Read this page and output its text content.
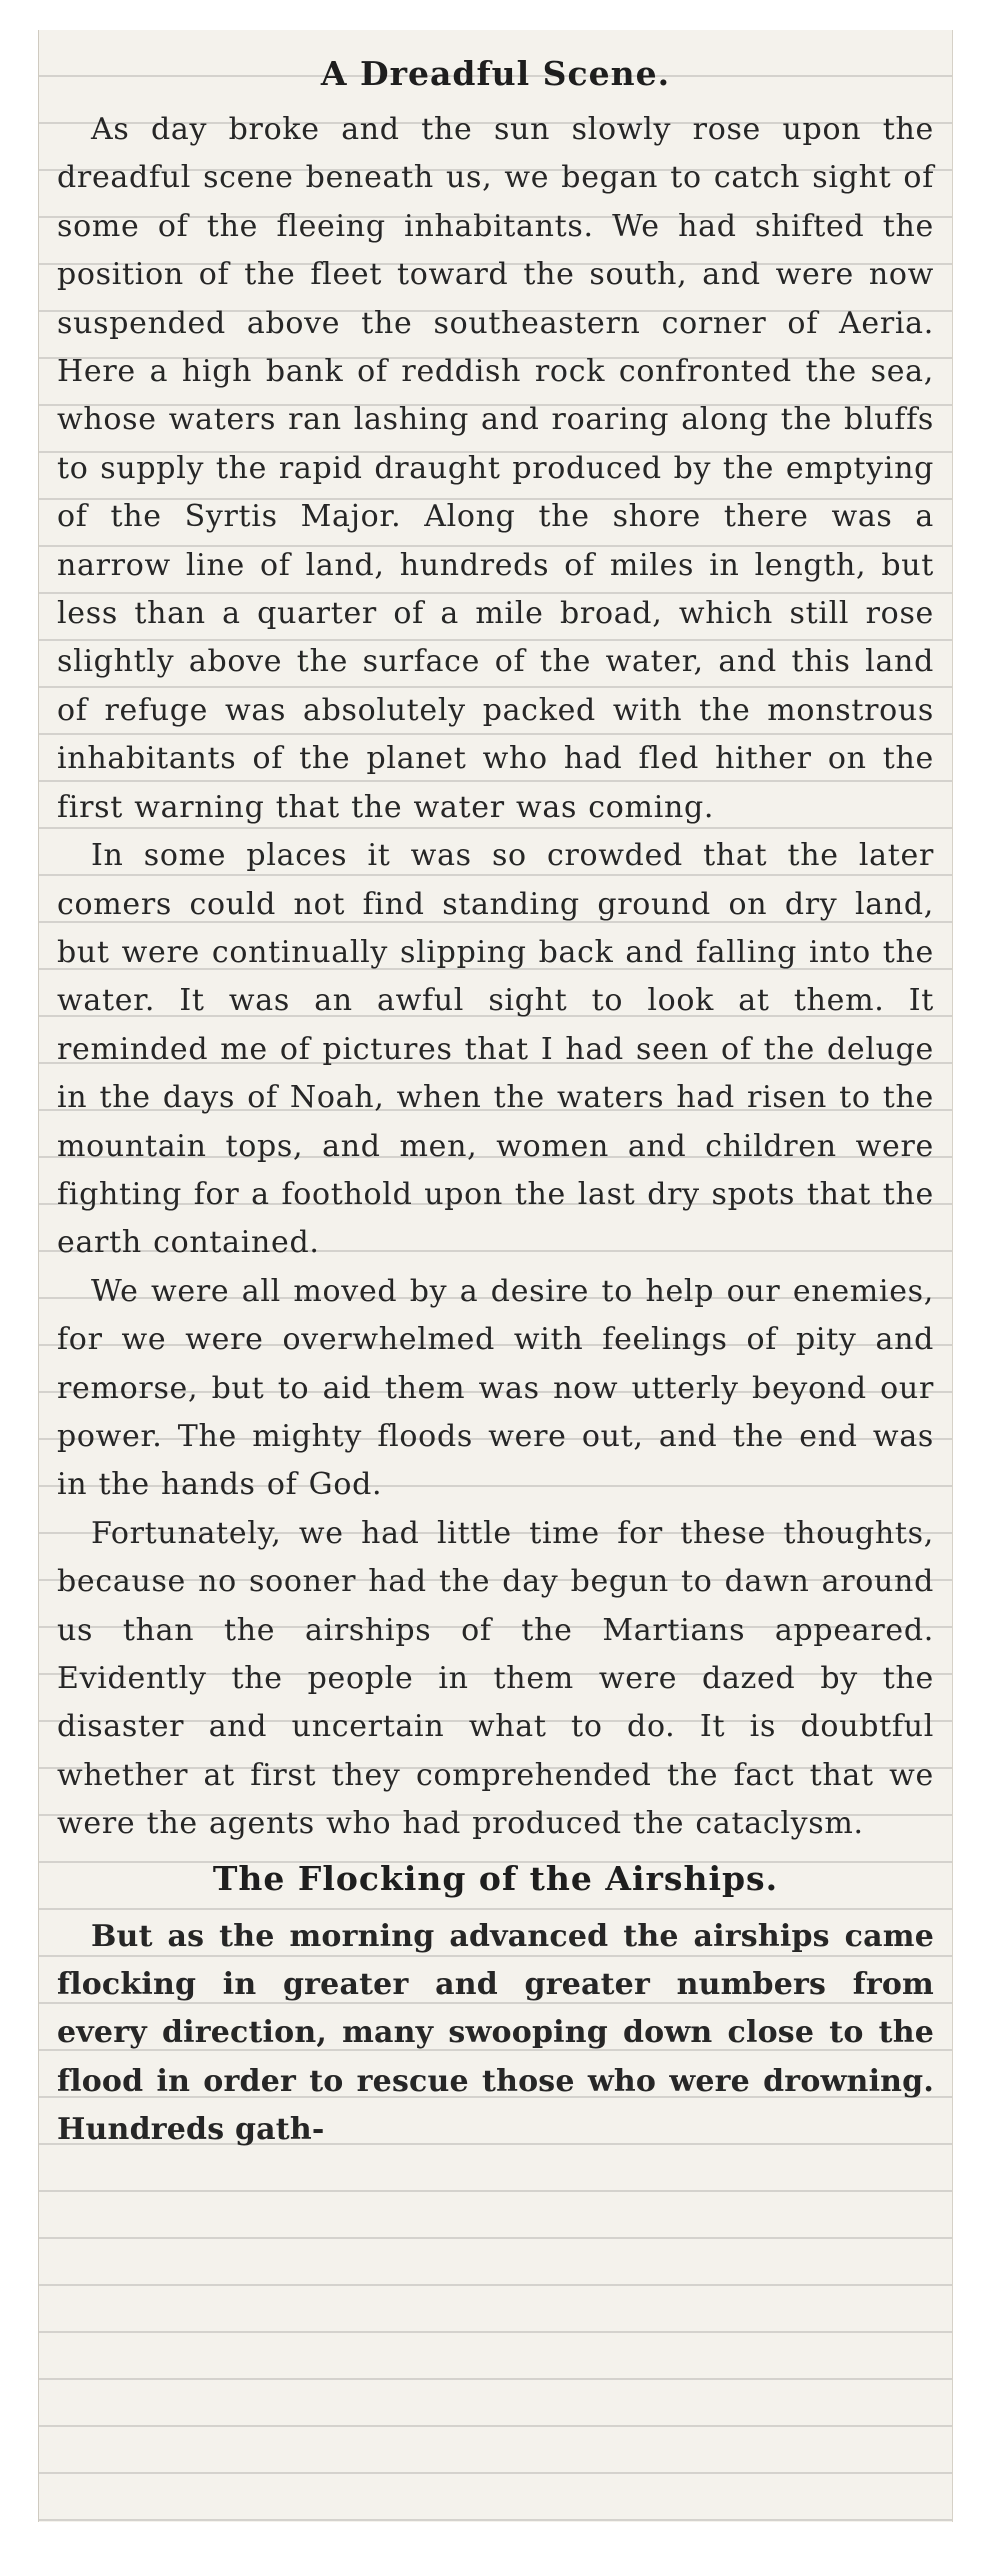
A Dreadful Scene.

As day broke and the sun slowly rose upon the dreadful scene beneath us, we began to catch sight of some of the fleeing inhabitants. We had shifted the position of the fleet toward the south, and were now suspended above the southeastern corner of Aeria. Here a high bank of reddish rock confronted the sea, whose waters ran lashing and roaring along the bluffs to supply the rapid draught produced by the emptying of the Syrtis Major. Along the shore there was a narrow line of land, hundreds of miles in length, but less than a quarter of a mile broad, which still rose slightly above the surface of the water, and this land of refuge was absolutely packed with the monstrous inhabitants of the planet who had fled hither on the first warning that the water was coming.

In some places it was so crowded that the later comers could not find standing ground on dry land, but were continually slipping back and falling into the water. It was an awful sight to look at them. It reminded me of pictures that I had seen of the deluge in the days of Noah, when the waters had risen to the mountain tops, and men, women and children were fighting for a foothold upon the last dry spots that the earth contained.

We were all moved by a desire to help our enemies, for we were overwhelmed with feelings of pity and remorse, but to aid them was now utterly beyond our power. The mighty floods were out, and the end was in the hands of God.

Fortunately, we had little time for these thoughts, because no sooner had the day begun to dawn around us than the airships of the Martians appeared. Evidently the people in them were dazed by the disaster and uncertain what to do. It is doubtful whether at first they comprehended the fact that we were the agents who had produced the cataclysm.

The Flocking of the Airships.

But as the morning advanced the airships came flocking in greater and greater numbers from every direction, many swooping down close to the flood in order to rescue those who were drowning. Hundreds gath-
